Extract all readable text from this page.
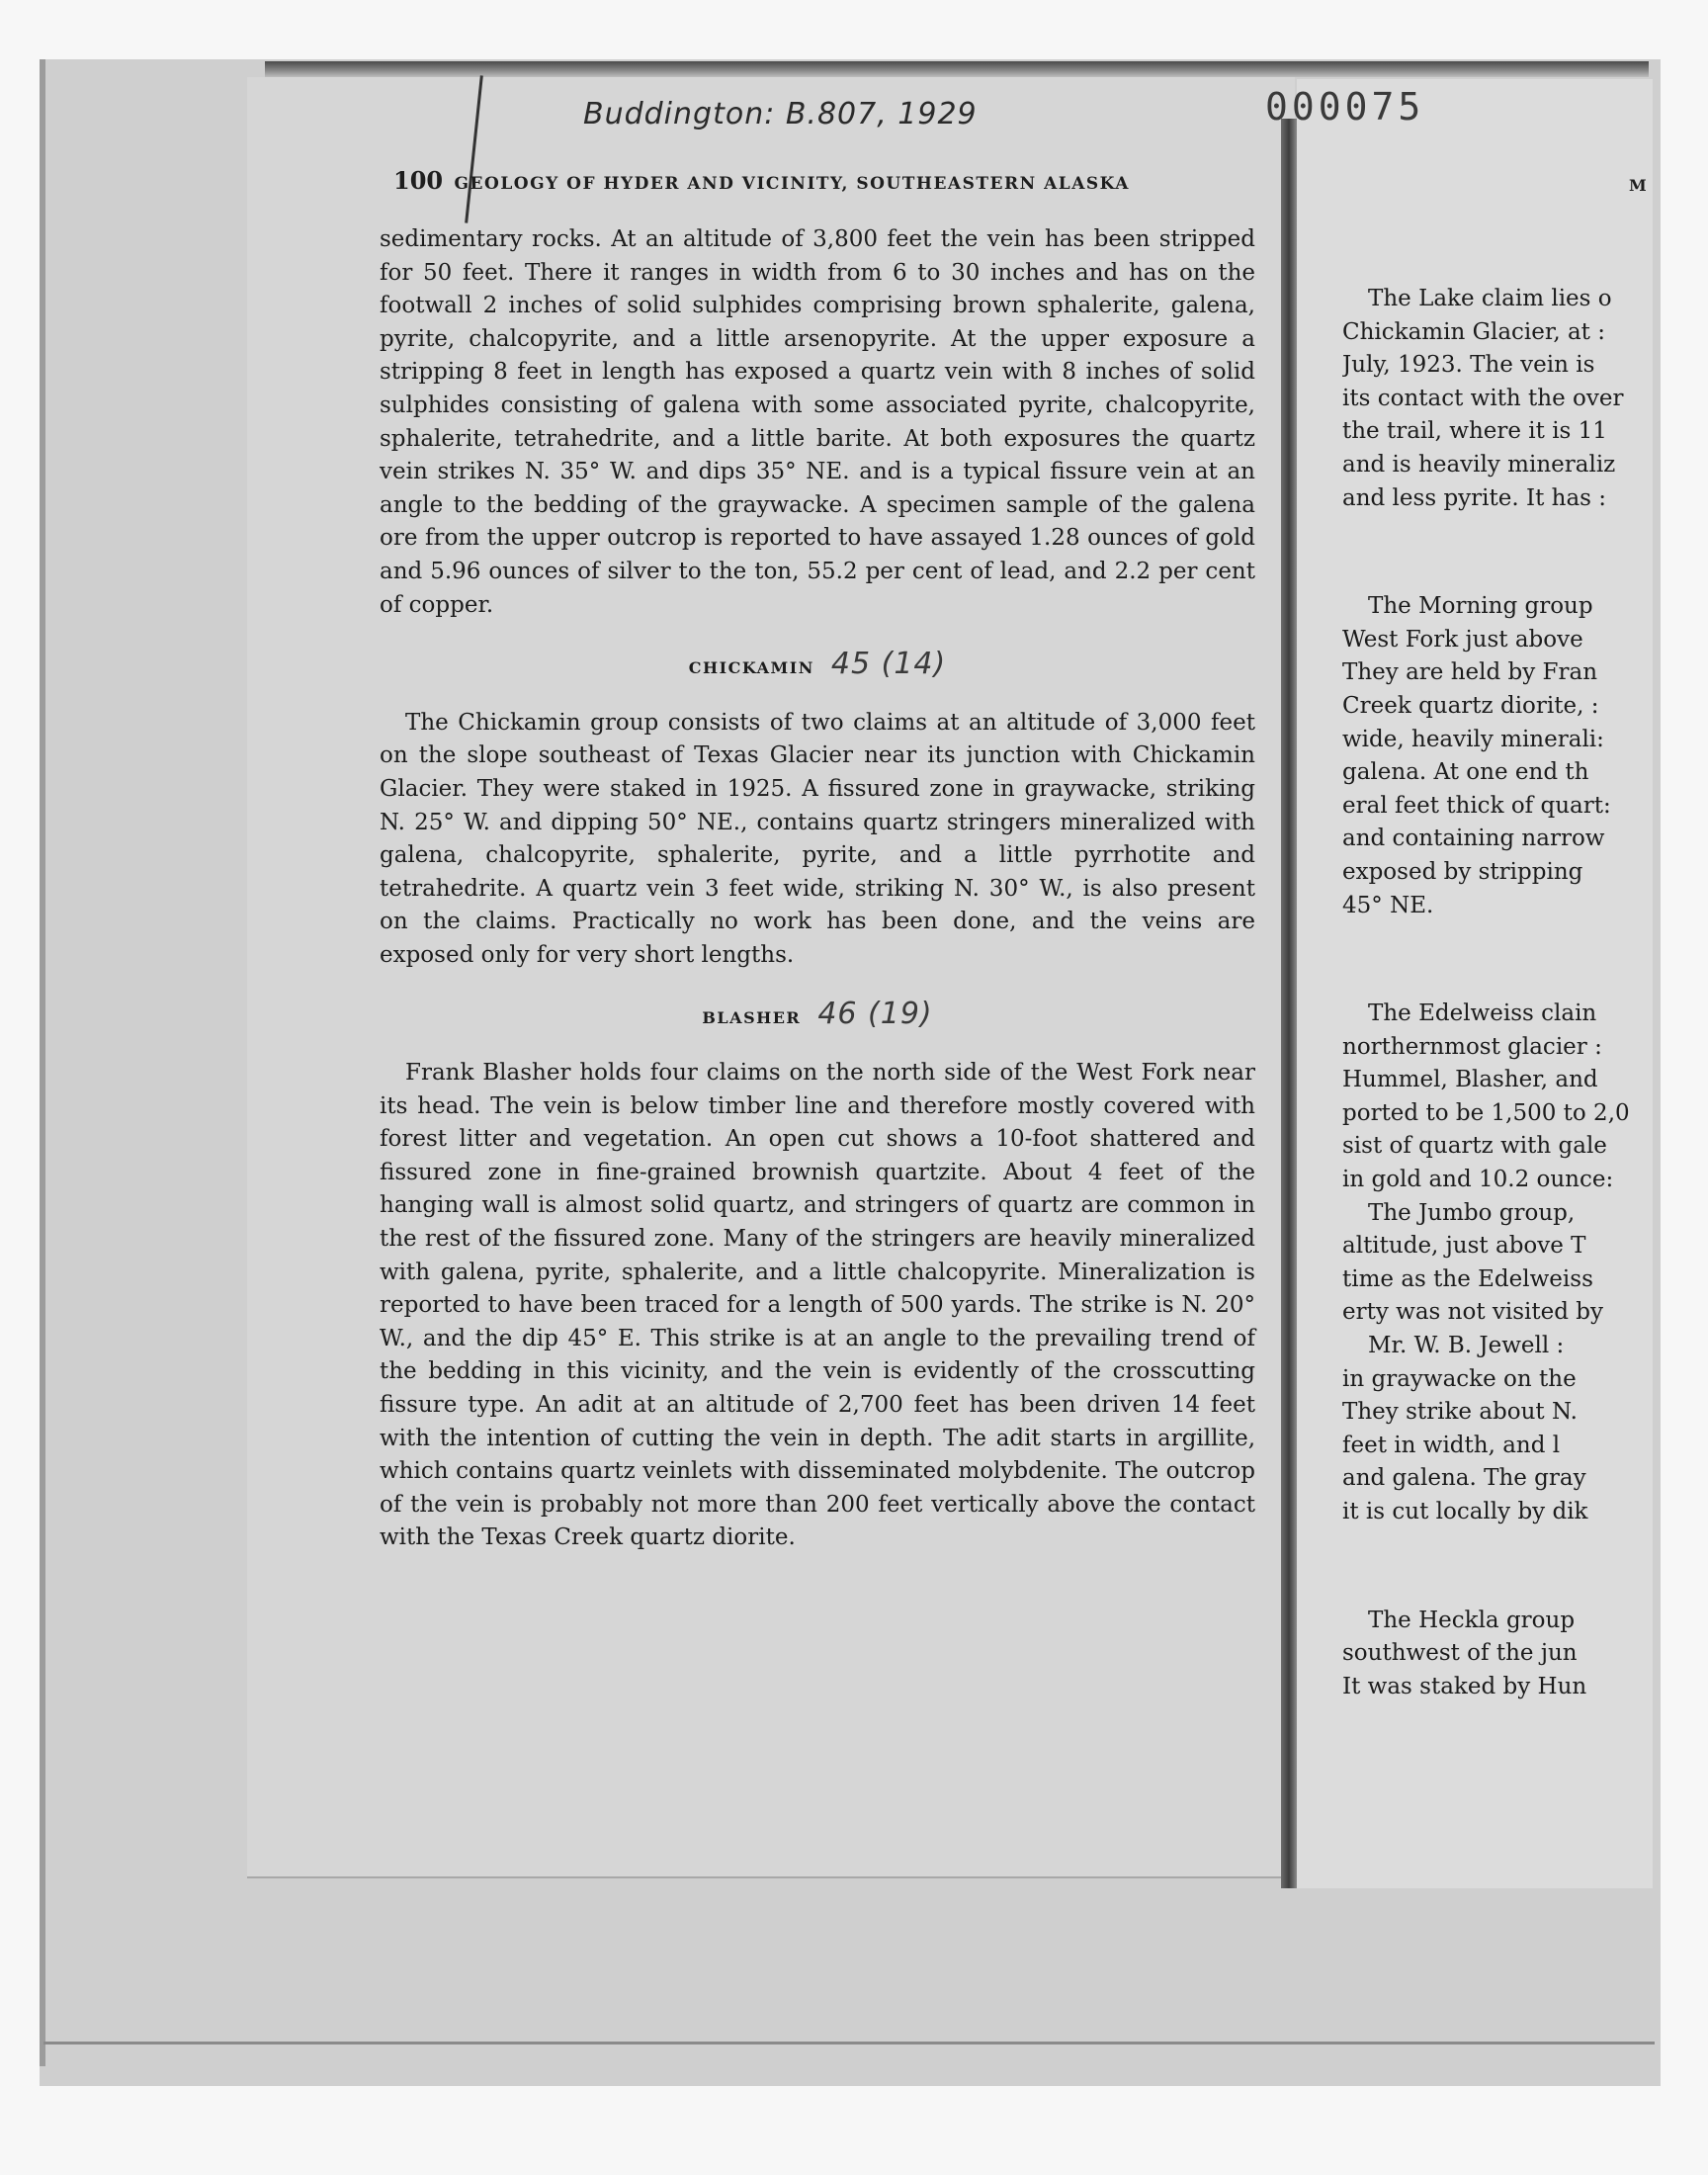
Buddington: B.807, 1929	000075
100 GEOLOGY OF HYDER AND VICINITY, SOUTHEASTERN ALASKA	M

sedimentary rocks. At an altitude of 3,800 feet the vein has been stripped for 50 feet. There it ranges in width from 6 to 30 inches and has on the footwall 2 inches of solid sulphides comprising brown sphalerite, galena, pyrite, chalcopyrite, and a little arsenopyrite. At the upper exposure a stripping 8 feet in length has exposed a quartz vein with 8 inches of solid sulphides consisting of galena with some associated pyrite, chalcopyrite, sphalerite, tetrahedrite, and a little barite. At both exposures the quartz vein strikes N. 35° W. and dips 35° NE. and is a typical fissure vein at an angle to the bedding of the graywacke. A specimen sample of the galena ore from the upper outcrop is reported to have assayed 1.28 ounces of gold and 5.96 ounces of silver to the ton, 55.2 per cent of lead, and 2.2 per cent of copper.

CHICKAMIN 45 (14)

The Chickamin group consists of two claims at an altitude of 3,000 feet on the slope southeast of Texas Glacier near its junction with Chickamin Glacier. They were staked in 1925. A fissured zone in graywacke, striking N. 25° W. and dipping 50° NE., contains quartz stringers mineralized with galena, chalcopyrite, sphalerite, pyrite, and a little pyrrhotite and tetrahedrite. A quartz vein 3 feet wide, striking N. 30° W., is also present on the claims. Practically no work has been done, and the veins are exposed only for very short lengths.

BLASHER 46 (19)

Frank Blasher holds four claims on the north side of the West Fork near its head. The vein is below timber line and therefore mostly covered with forest litter and vegetation. An open cut shows a 10-foot shattered and fissured zone in fine-grained brownish quartzite. About 4 feet of the hanging wall is almost solid quartz, and stringers of quartz are common in the rest of the fissured zone. Many of the stringers are heavily mineralized with galena, pyrite, sphalerite, and a little chalcopyrite. Mineralization is reported to have been traced for a length of 500 yards. The strike is N. 20° W., and the dip 45° E. This strike is at an angle to the prevailing trend of the bedding in this vicinity, and the vein is evidently of the crosscutting fissure type. An adit at an altitude of 2,700 feet has been driven 14 feet with the intention of cutting the vein in depth. The adit starts in argillite, which contains quartz veinlets with disseminated molybdenite. The outcrop of the vein is probably not more than 200 feet vertically above the contact with the Texas Creek quartz diorite.

The Lake claim lies o
Chickamin Glacier, at :
July, 1923. The vein is
its contact with the over
the trail, where it is 11
and is heavily mineraliz
and less pyrite. It has :
The Morning group
West Fork just above
They are held by Fran
Creek quartz diorite, :
wide, heavily minerali:
galena. At one end th
eral feet thick of quart:
and containing narrow
exposed by stripping
45° NE.
The Edelweiss clain
northernmost glacier :
Hummel, Blasher, and
ported to be 1,500 to 2,0
sist of quartz with gale
in gold and 10.2 ounce:
The Jumbo group,
altitude, just above T
time as the Edelweiss
erty was not visited by
Mr. W. B. Jewell :
in graywacke on the
They strike about N.
feet in width, and l
and galena. The gray
it is cut locally by dik
The Heckla group
southwest of the jun
It was staked by Hun
